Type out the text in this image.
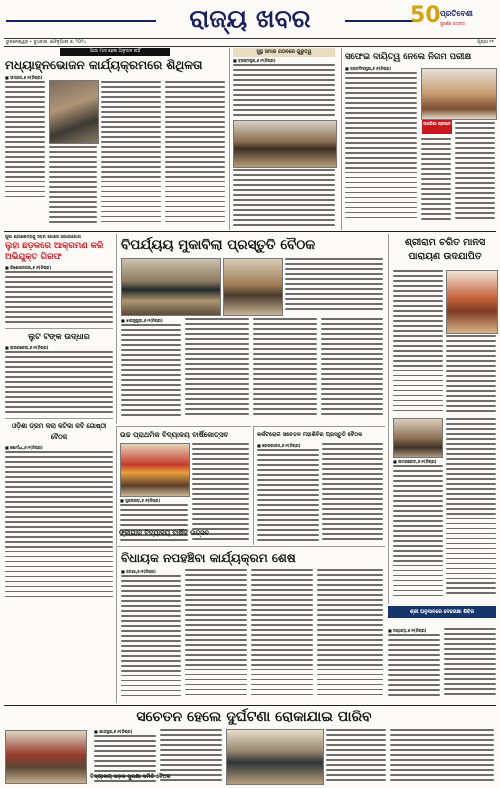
ରାଜ୍ୟ ଖବର	50 ପ୍ରତିବେଶୀ
ସୁବର୍ଣ୍ଣ ଜୟନ୍ତୀ
ଭୁବନେଶ୍ୱର • ବୁଧବାର, ଫେବୃଆରୀ ୭, ୨୦୨୪	ପୃଷ୍ଠା ୧୧
ଆଉ ମାସ ହେଲା ଅନୁଦାନ ନାହିଁ
ମଧ୍ୟାହ୍ନଭୋଜନ କାର୍ଯ୍ୟକ୍ରମରେ ଶିଥିଳତା
■ ଭଦ୍ରକ,୬।୨(ନିପ୍ର)
ସୁସ୍ଥ ସମାଜ ଗଠନରେ ଗୁରୁତ୍ୱ
■ ବ୍ରହ୍ମପୁର,୬।୨(ନିପ୍ର)	ସଫେଇ ଦାୟିତ୍ୱ ନେଲେ ନିଗମ ପରୀକ୍ଷ
■ ଜଗତସିଂହପୁର,୬।୨(ନିପ୍ର)
ସାଗରିକା ପ୍ରଭାତ
ପୁରୀ ଶ୍ରୀକ୍ଷେତ୍ରକୁ ସଡ଼କ ଯୋଗେ ଯୋଗାଯୋଗ
ଲୁହା ଛଡ଼କରେ ଆକ୍ରମଣ କରି ଅଭିଯୁକ୍ତ ଗିରଫ
■ କିଶୋରନଗର,୬।୨(ନିପ୍ର)
ବିପର୍ଯ୍ୟୟ ମୁକାବିଲା ପ୍ରସ୍ତୁତି ବୈଠକ
■ ଝାରସୁଗୁଡ଼ା,୬।୨(ନିପ୍ର)
ଶ୍ରୀରାମ ଚରିତ ମାନସ ପାରାୟଣ ଉଦଯାପିତ
■ ଉମରକୋଟ,୬।୨(ନିପ୍ର)
ଲୁଟ ଟଙ୍କ ଉଦ୍ଧାର
■ ରାଉରକେଲା,୬।୨(ନିପ୍ର)
ଉଚ୍ଚ ପ୍ରାଥମିକ ବିଦ୍ୟାଳୟ ବାର୍ଷିକୋତ୍ସବ
■ ସୁନ୍ଦରଗଡ଼,୬।୨(ନିପ୍ର)
କର୍କଟରୋଗ ସଚେତନ ମହାଶିବିର ପ୍ରସ୍ତୁତି ବୈଠକ
■ ଢେଙ୍କାନାଳ,୬।୨(ନିପ୍ର)
ବିଧାୟକ ନପହଞ୍ଚିବା କାର୍ଯ୍ୟକ୍ରମ ଶେଷ
■ ଜଟଣୀ,୬।୨(ନିପ୍ର)
ଓଡ଼ିଶା ଡ୍ରମ କଲା କଟିକା କବି ଗୋଷ୍ଠୀ ବୈଠକ
■ ଖୋର୍ଦ୍ଧା,୬।୨(ନିପ୍ର)
ଙ୍କାଗାର ବିଦ୍ୟାଳୟ ବାର୍ଷିକ ଉତ୍ସବ
ଶ୍ରୀ ଅନୁଦାନରେ ଦେହରକ୍ଷା ଶିବିର
ସଚେତନ ହେଲେ ଦୁର୍ଘଟଣା ରୋକାଯାଇ ପାରିବ
■ ଯାଜପୁର,୬।୨(ନିପ୍ର)
ବିଦ୍ୟାଳୟ ସଡ଼କ ସୁରକ୍ଷା ସମିତି ବୈଠକ
■ ନୟାଗଡ଼,୬।୨(ନିପ୍ର)
